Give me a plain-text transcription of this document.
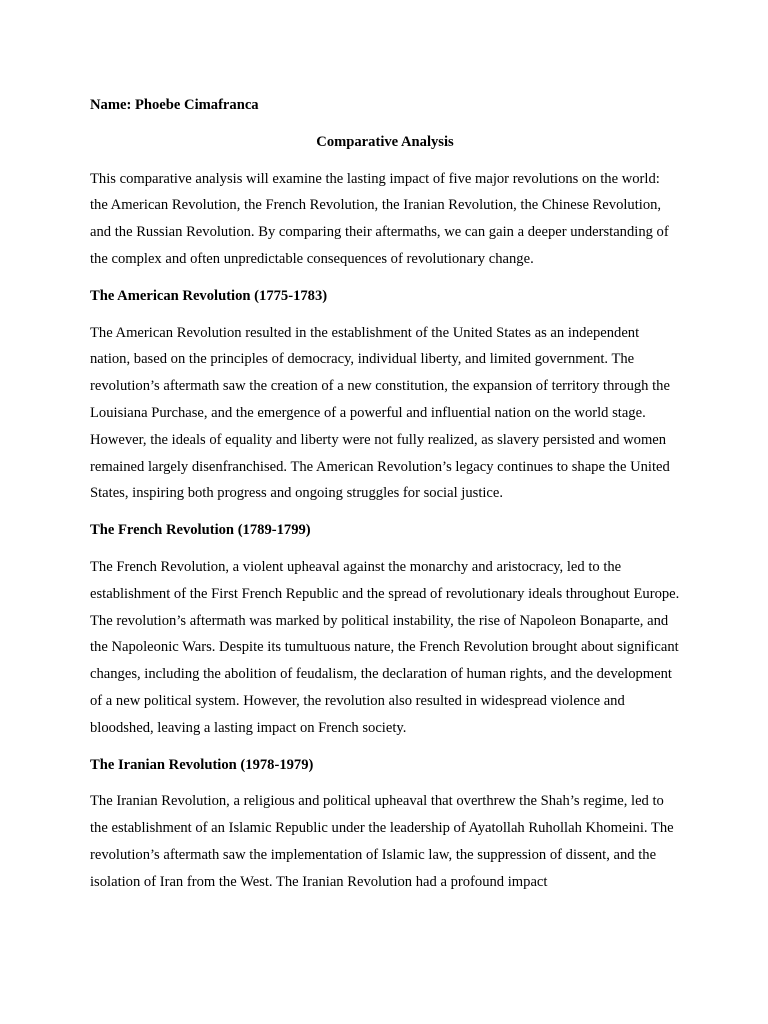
Name: Phoebe Cimafranca

Comparative Analysis

This comparative analysis will examine the lasting impact of five major revolutions on the world: the American Revolution, the French Revolution, the Iranian Revolution, the Chinese Revolution, and the Russian Revolution. By comparing their aftermaths, we can gain a deeper understanding of the complex and often unpredictable consequences of revolutionary change.

The American Revolution (1775-1783)

The American Revolution resulted in the establishment of the United States as an independent nation, based on the principles of democracy, individual liberty, and limited government. The revolution’s aftermath saw the creation of a new constitution, the expansion of territory through the Louisiana Purchase, and the emergence of a powerful and influential nation on the world stage. However, the ideals of equality and liberty were not fully realized, as slavery persisted and women remained largely disenfranchised. The American Revolution’s legacy continues to shape the United States, inspiring both progress and ongoing struggles for social justice.

The French Revolution (1789-1799)

The French Revolution, a violent upheaval against the monarchy and aristocracy, led to the establishment of the First French Republic and the spread of revolutionary ideals throughout Europe. The revolution’s aftermath was marked by political instability, the rise of Napoleon Bonaparte, and the Napoleonic Wars. Despite its tumultuous nature, the French Revolution brought about significant changes, including the abolition of feudalism, the declaration of human rights, and the development of a new political system. However, the revolution also resulted in widespread violence and bloodshed, leaving a lasting impact on French society.

The Iranian Revolution (1978-1979)

The Iranian Revolution, a religious and political upheaval that overthrew the Shah’s regime, led to the establishment of an Islamic Republic under the leadership of Ayatollah Ruhollah Khomeini. The revolution’s aftermath saw the implementation of Islamic law, the suppression of dissent, and the isolation of Iran from the West. The Iranian Revolution had a profound impact
